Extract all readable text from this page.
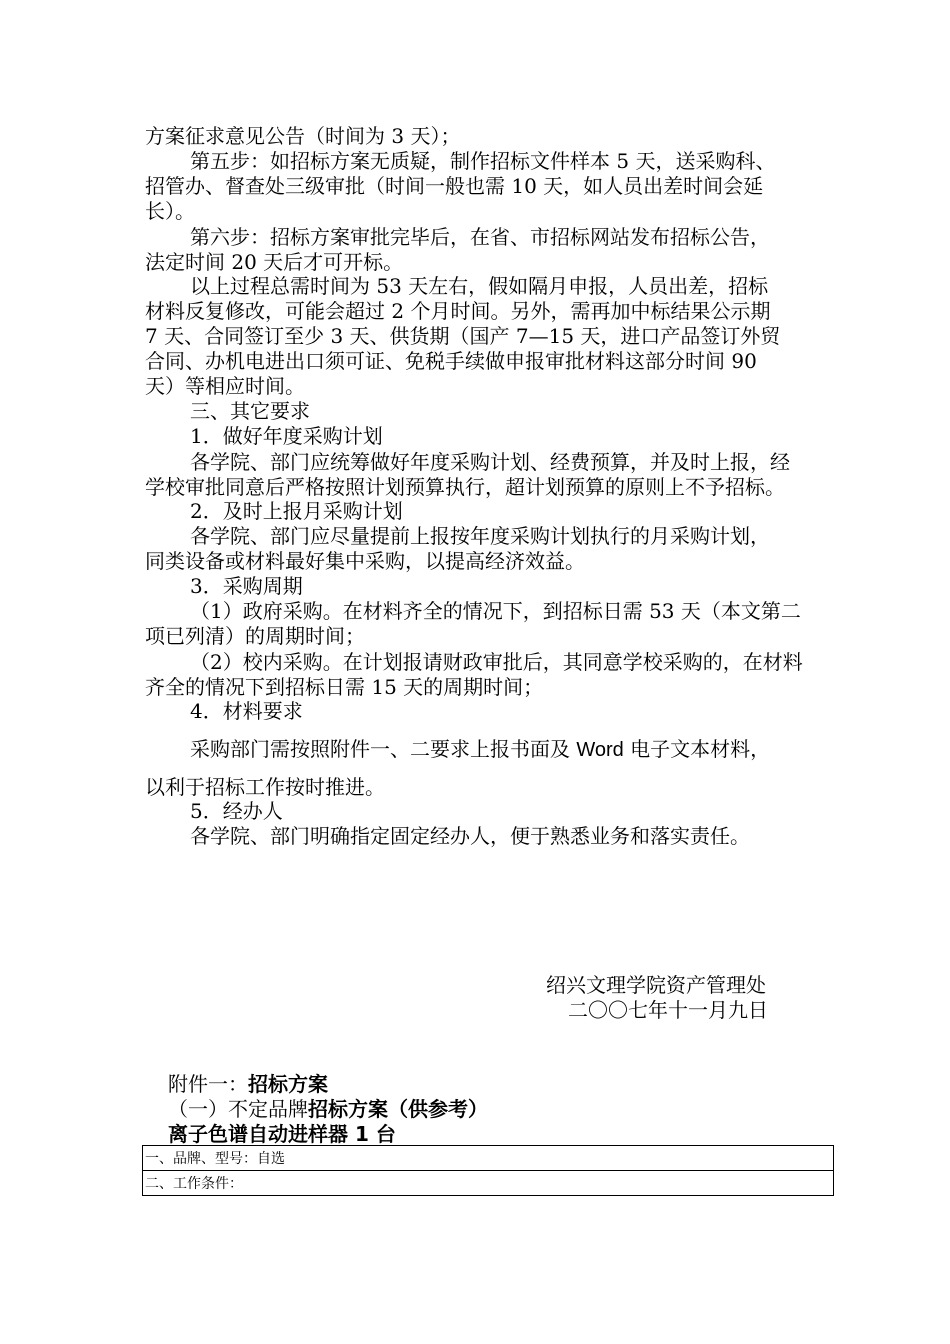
方案征求意见公告（时间为 3 天）；
第五步：如招标方案无质疑，制作招标文件样本 5 天，送采购科、
招管办、督查处三级审批（时间一般也需 10 天，如人员出差时间会延
长）。
第六步：招标方案审批完毕后，在省、市招标网站发布招标公告，
法定时间 20 天后才可开标。
以上过程总需时间为 53 天左右，假如隔月申报，人员出差，招标
材料反复修改，可能会超过 2 个月时间。另外，需再加中标结果公示期
7 天、合同签订至少 3 天、供货期（国产 7—15 天，进口产品签订外贸
合同、办机电进出口须可证、免税手续做申报审批材料这部分时间 90
天）等相应时间。
三、其它要求
1．做好年度采购计划
各学院、部门应统筹做好年度采购计划、经费预算，并及时上报，经
学校审批同意后严格按照计划预算执行，超计划预算的原则上不予招标。
2．及时上报月采购计划
各学院、部门应尽量提前上报按年度采购计划执行的月采购计划，
同类设备或材料最好集中采购，以提高经济效益。
3．采购周期
（1）政府采购。在材料齐全的情况下，到招标日需 53 天（本文第二
项已列清）的周期时间；
（2）校内采购。在计划报请财政审批后，其同意学校采购的，在材料
齐全的情况下到招标日需 15 天的周期时间；
4．材料要求
采购部门需按照附件一、二要求上报书面及 Word 电子文本材料，
以利于招标工作按时推进。
5．经办人
各学院、部门明确指定固定经办人，便于熟悉业务和落实责任。
绍兴文理学院资产管理处
二〇〇七年十一月九日
附件一：招标方案
（一）不定品牌招标方案（供参考）
离子色谱自动进样器 1 台
一、品牌、型号：自选
二、工作条件：
